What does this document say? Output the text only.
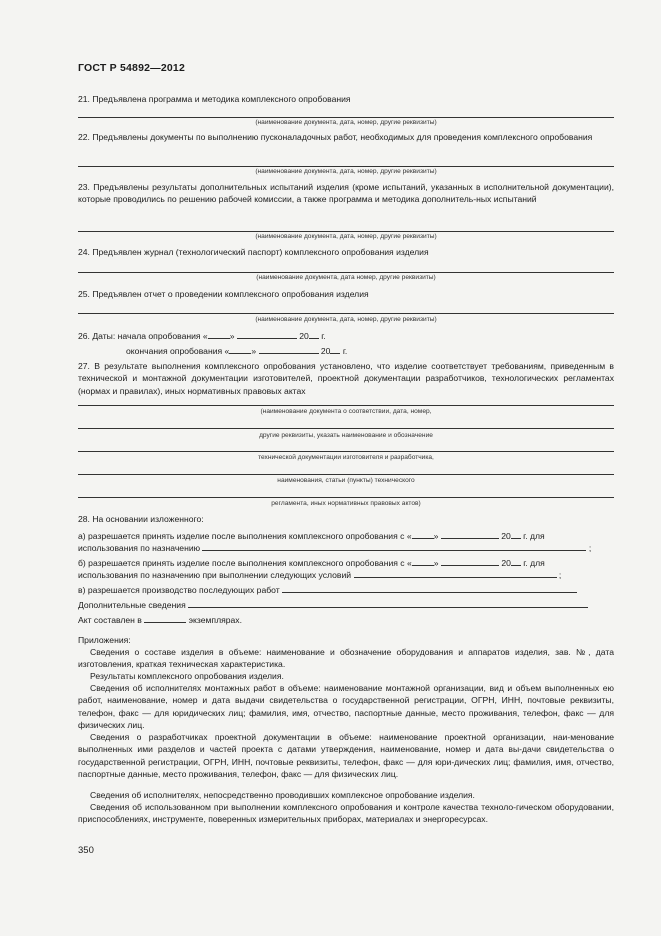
ГОСТ Р 54892—2012
21. Предъявлена программа и методика комплексного опробования
(наименование документа, дата, номер, другие реквизиты)
22. Предъявлены документы по выполнению пусконаладочных работ, необходимых для проведения комплексного опробования
(наименование документа, дата, номер, другие реквизиты)
23. Предъявлены результаты дополнительных испытаний изделия (кроме испытаний, указанных в исполнительной документации), которые проводились по решению рабочей комиссии, а также программа и методика дополнитель-ных испытаний
(наименование документа, дата, номер, другие реквизиты)
24. Предъявлен журнал (технологический паспорт) комплексного опробования изделия
(наименование документа, дата номер, другие реквизиты)
25. Предъявлен отчет о проведении комплексного опробования изделия
(наименование документа, дата, номер, другие реквизиты)
26. Даты: начала опробования «	»	20 г.
окончания опробования «	»	20 г.
27. В результате выполнения комплексного опробования установлено, что изделие соответствует требованиям, приведенным в технической и монтажной документации изготовителей, проектной документации разработчиков, технологических регламентах (нормах и правилах), иных нормативных правовых актах
(наименование документа о соответствии, дата, номер,
другие реквизиты, указать наименование и обозначение
технической документации изготовителя и разработчика,
наименования, статьи (пункты) технического
регламента, иных нормативных правовых актов)
28. На основании изложенного:
а) разрешается принять изделие после выполнения комплексного опробования с «	»	20 г. для
использования по назначению	;
б) разрешается принять изделие после выполнения комплексного опробования с «	»	20 г. для
использования по назначению при выполнении следующих условий	;
в) разрешается производство последующих работ
Дополнительные сведения
Акт составлен в	экземплярах.
Приложения:
Сведения о составе изделия в объеме: наименование и обозначение оборудования и аппаратов изделия, зав. №, дата изготовления, краткая техническая характеристика.
Результаты комплексного опробования изделия.
Сведения об исполнителях монтажных работ в объеме: наименование монтажной организации, вид и объем выполненных ею работ, наименование, номер и дата выдачи свидетельства о государственной регистрации, ОГРН, ИНН, почтовые реквизиты, телефон, факс — для юридических лиц; фамилия, имя, отчество, паспортные данные, место проживания, телефон, факс — для физических лиц.
Сведения о разработчиках проектной документации в объеме: наименование проектной организации, наи-менование выполненных ими разделов и частей проекта с датами утверждения, наименование, номер и дата вы-дачи свидетельства о государственной регистрации, ОГРН, ИНН, почтовые реквизиты, телефон, факс — для юри-дических лиц; фамилия, имя, отчество, паспортные данные, место проживания, телефон, факс — для физических лиц.
Сведения об исполнителях, непосредственно проводивших комплексное опробование изделия.
Сведения об использованном при выполнении комплексного опробования и контроле качества техноло-гическом оборудовании, приспособлениях, инструменте, поверенных измерительных приборах, материалах и энергоресурсах.
350
